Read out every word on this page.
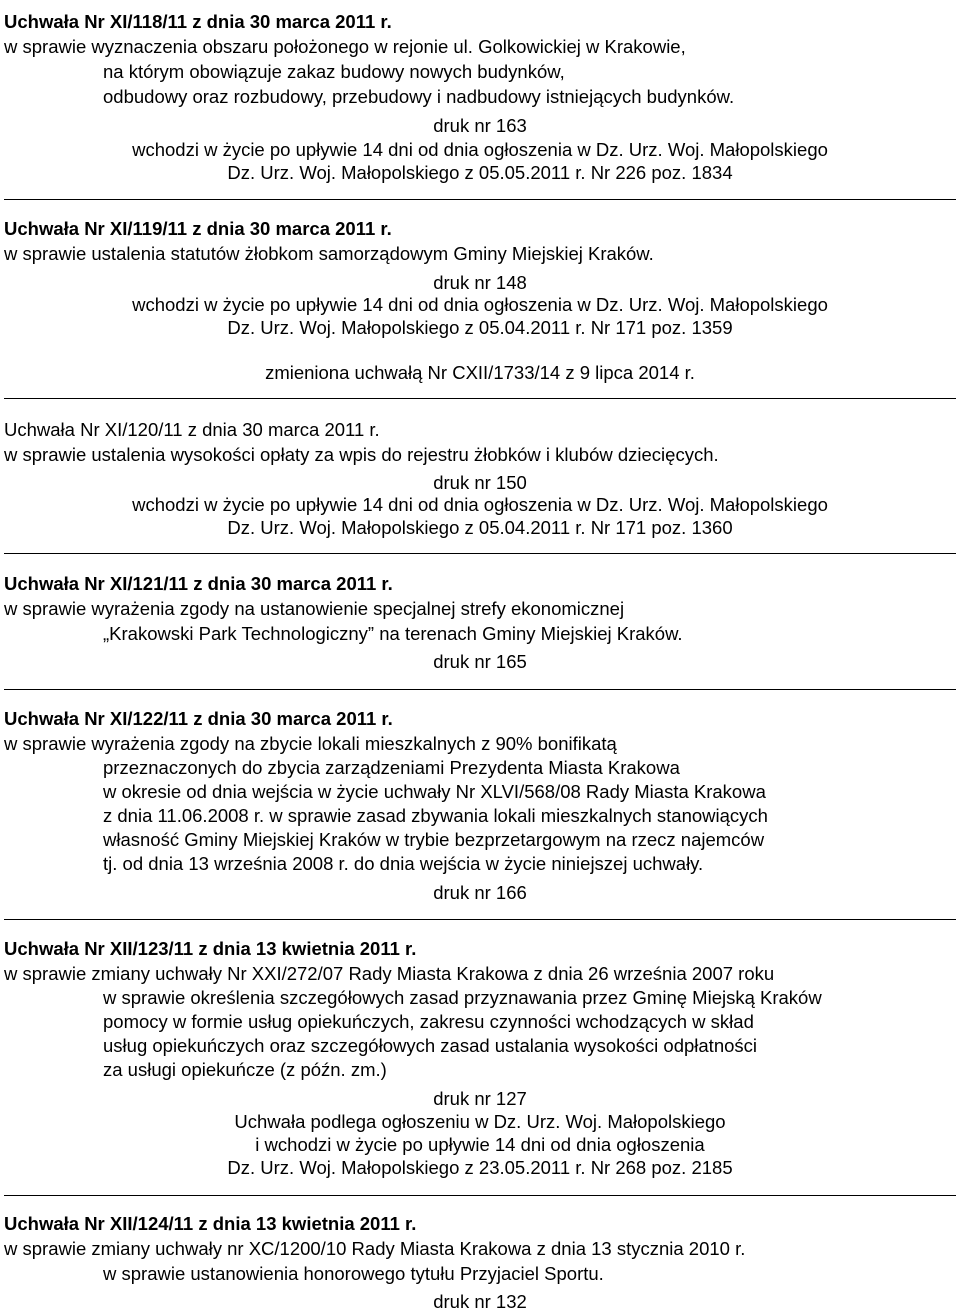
Uchwała Nr XI/118/11 z dnia 30 marca 2011 r.
w sprawie wyznaczenia obszaru położonego w rejonie ul. Golkowickiej w Krakowie,
na którym obowiązuje zakaz budowy nowych budynków,
odbudowy oraz rozbudowy, przebudowy i nadbudowy istniejących budynków.
druk nr 163
wchodzi w życie po upływie 14 dni od dnia ogłoszenia w Dz. Urz. Woj. Małopolskiego
Dz. Urz. Woj. Małopolskiego z 05.05.2011 r. Nr 226 poz. 1834
Uchwała Nr XI/119/11 z dnia 30 marca 2011 r.
w sprawie ustalenia statutów żłobkom samorządowym Gminy Miejskiej Kraków.
druk nr 148
wchodzi w życie po upływie 14 dni od dnia ogłoszenia w Dz. Urz. Woj. Małopolskiego
Dz. Urz. Woj. Małopolskiego z 05.04.2011 r. Nr 171 poz. 1359
zmieniona uchwałą Nr CXII/1733/14 z 9 lipca 2014 r.
Uchwała Nr XI/120/11 z dnia 30 marca 2011 r.
w sprawie ustalenia wysokości opłaty za wpis do rejestru żłobków i klubów dziecięcych.
druk nr 150
wchodzi w życie po upływie 14 dni od dnia ogłoszenia w Dz. Urz. Woj. Małopolskiego
Dz. Urz. Woj. Małopolskiego z 05.04.2011 r. Nr 171 poz. 1360
Uchwała Nr XI/121/11 z dnia 30 marca 2011 r.
w sprawie wyrażenia zgody na ustanowienie specjalnej strefy ekonomicznej
„Krakowski Park Technologiczny” na terenach Gminy Miejskiej Kraków.
druk nr 165
Uchwała Nr XI/122/11 z dnia 30 marca 2011 r.
w sprawie wyrażenia zgody na zbycie lokali mieszkalnych z 90% bonifikatą
przeznaczonych do zbycia zarządzeniami Prezydenta Miasta Krakowa
w okresie od dnia wejścia w życie uchwały Nr XLVI/568/08 Rady Miasta Krakowa
z dnia 11.06.2008 r. w sprawie zasad zbywania lokali mieszkalnych stanowiących
własność Gminy Miejskiej Kraków w trybie bezprzetargowym na rzecz najemców
tj. od dnia 13 września 2008 r. do dnia wejścia w życie niniejszej uchwały.
druk nr 166
Uchwała Nr XII/123/11 z dnia 13 kwietnia 2011 r.
w sprawie zmiany uchwały Nr XXI/272/07 Rady Miasta Krakowa z dnia 26 września 2007 roku
w sprawie określenia szczegółowych zasad przyznawania przez Gminę Miejską Kraków
pomocy w formie usług opiekuńczych, zakresu czynności wchodzących w skład
usług opiekuńczych oraz szczegółowych zasad ustalania wysokości odpłatności
za usługi opiekuńcze (z późn. zm.)
druk nr 127
Uchwała podlega ogłoszeniu w Dz. Urz. Woj. Małopolskiego
i wchodzi w życie po upływie 14 dni od dnia ogłoszenia
Dz. Urz. Woj. Małopolskiego z 23.05.2011 r. Nr 268 poz. 2185
Uchwała Nr XII/124/11 z dnia 13 kwietnia 2011 r.
w sprawie zmiany uchwały nr XC/1200/10 Rady Miasta Krakowa z dnia 13 stycznia 2010 r.
w sprawie ustanowienia honorowego tytułu Przyjaciel Sportu.
druk nr 132
